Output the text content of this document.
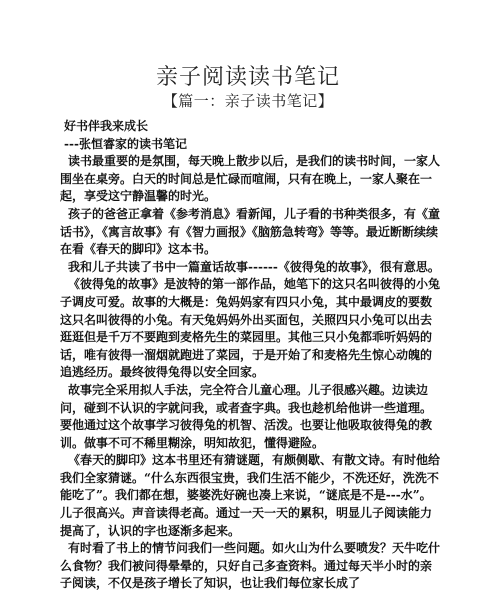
亲子阅读读书笔记
【篇一：亲子读书笔记】

好书伴我来成长

---张恒睿家的读书笔记

读书最重要的是氛围，每天晚上散步以后，是我们的读书时间，一家人围坐在桌旁。白天的时间总是忙碌而喧闹，只有在晚上，一家人聚在一起，享受这宁静温馨的时光。

孩子的爸爸正拿着《参考消息》看新闻，儿子看的书种类很多，有《童话书》，《寓言故事》有《智力画报》《脑筋急转弯》等等。最近断断续续在看《春天的脚印》这本书。

我和儿子共读了书中一篇童话故事------《彼得兔的故事》，很有意思。

《彼得兔的故事》是波特的第一部作品，她笔下的这只名叫彼得的小兔子调皮可爱。故事的大概是：兔妈妈家有四只小兔，其中最调皮的要数这只名叫彼得的小兔。有天兔妈妈外出买面包，关照四只小兔可以出去逛逛但是千万不要跑到麦格先生的菜园里。其他三只小兔都乖听妈妈的话，唯有彼得一溜烟就跑进了菜园，于是开始了和麦格先生惊心动魄的追逃经历。最终彼得兔得以安全回家。

故事完全采用拟人手法，完全符合儿童心理。儿子很感兴趣。边读边问，碰到不认识的字就问我，或者查字典。我也趁机给他讲一些道理。要他通过这个故事学习彼得兔的机智、活泼。也要让他吸取彼得兔的教训。做事不可不稀里糊涂，明知故犯，懂得避险。

《春天的脚印》这本书里还有猜谜题，有颇侧歇、有散文诗。有时他给我们全家猜谜。“什么东西很宝贵，我们生活不能少，不洗还好，洗洗不能吃了”。我们都在想，婆婆洗好碗也凑上来说，“谜底是不是---水”。儿子很高兴。声音读得老高。通过一天一天的累积，明显儿子阅读能力提高了，认识的字也逐渐多起来。

有时看了书上的情节问我们一些问题。如火山为什么要喷发？天牛吃什么食物？我们被问得晕晕的，只好自己多查资料。通过每天半小时的亲子阅读，不仅是孩子增长了知识，也让我们每位家长成了
